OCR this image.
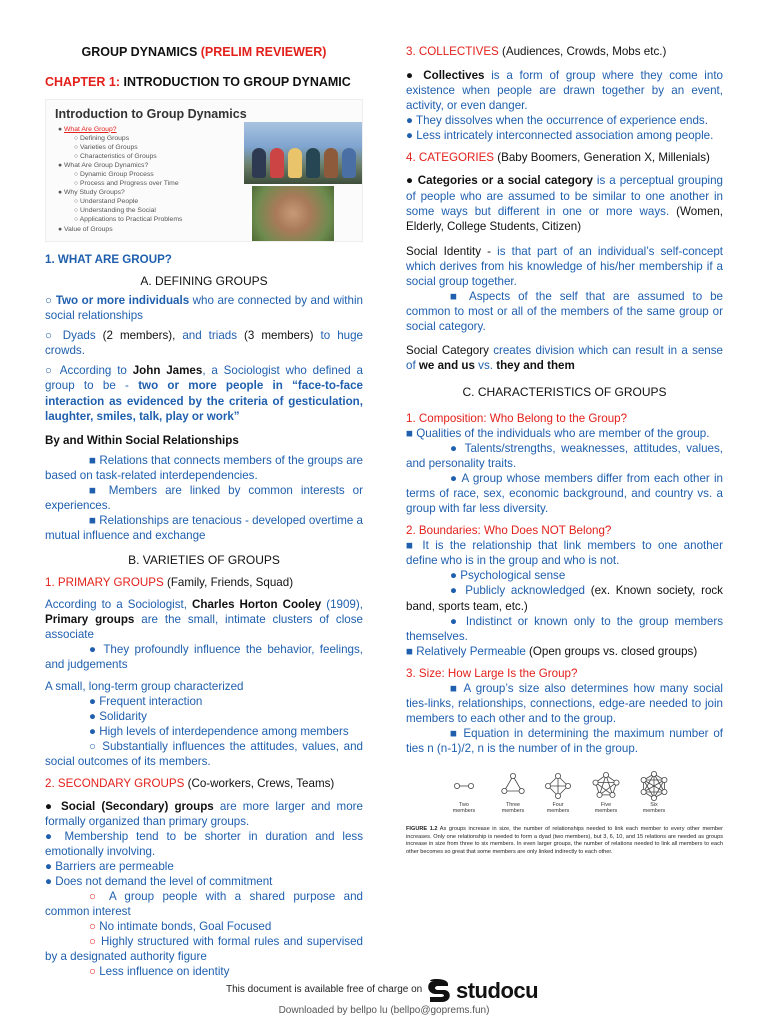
GROUP DYNAMICS (PRELIM REVIEWER)
CHAPTER 1: INTRODUCTION TO GROUP DYNAMIC
Introduction to Group Dynamics
● What Are Group?
○ Defining Groups
○ Varieties of Groups
○ Characteristics of Groups
● What Are Group Dynamics?
○ Dynamic Group Process
○ Process and Progress over Time
● Why Study Groups?
○ Understand People
○ Understanding the Social
○ Applications to Practical Problems
● Value of Groups
1. WHAT ARE GROUP?
A. DEFINING GROUPS
○ Two or more individuals who are connected by and within social relationships
○ Dyads (2 members), and triads (3 members) to huge crowds.
○ According to John James, a Sociologist who defined a group to be - two or more people in “face-to-face interaction as evidenced by the criteria of gesticulation, laughter, smiles, talk, play or work”
By and Within Social Relationships
■ Relations that connects members of the groups are based on task-related interdependencies.
■ Members are linked by common interests or experiences.
■ Relationships are tenacious - developed overtime a mutual influence and exchange
B. VARIETIES OF GROUPS
1. PRIMARY GROUPS (Family, Friends, Squad)
According to a Sociologist, Charles Horton Cooley (1909), Primary groups are the small, intimate clusters of close associate
● They profoundly influence the behavior, feelings, and judgements
A small, long-term group characterized
● Frequent interaction
● Solidarity
● High levels of interdependence among members
○ Substantially influences the attitudes, values, and social outcomes of its members.
2. SECONDARY GROUPS (Co-workers, Crews, Teams)
● Social (Secondary) groups are more larger and more formally organized than primary groups.
● Membership tend to be shorter in duration and less emotionally involving.
● Barriers are permeable
● Does not demand the level of commitment
○ A group people with a shared purpose and common interest
○ No intimate bonds, Goal Focused
○ Highly structured with formal rules and supervised by a designated authority figure
○ Less influence on identity
3. COLLECTIVES (Audiences, Crowds, Mobs etc.)
● Collectives is a form of group where they come into existence when people are drawn together by an event, activity, or even danger.
● They dissolves when the occurrence of experience ends.
● Less intricately interconnected association among people.
4. CATEGORIES (Baby Boomers, Generation X, Millenials)
● Categories or a social category is a perceptual grouping of people who are assumed to be similar to one another in some ways but different in one or more ways. (Women, Elderly, College Students, Citizen)
Social Identity - is that part of an individual’s self-concept which derives from his knowledge of his/her membership if a social group together.
■ Aspects of the self that are assumed to be common to most or all of the members of the same group or social category.
Social Category creates division which can result in a sense of we and us vs. they and them
C. CHARACTERISTICS OF GROUPS
1. Composition: Who Belong to the Group?
■ Qualities of the individuals who are member of the group.
● Talents/strengths, weaknesses, attitudes, values, and personality traits.
● A group whose members differ from each other in terms of race, sex, economic background, and country vs. a group with far less diversity.
2. Boundaries: Who Does NOT Belong?
■ It is the relationship that link members to one another define who is in the group and who is not.
● Psychological sense
● Publicly acknowledged (ex. Known society, rock band, sports team, etc.)
● Indistinct or known only to the group members themselves.
■ Relatively Permeable (Open groups vs. closed groups)
3. Size: How Large Is the Group?
■ A group’s size also determines how many social ties-links, relationships, connections, edge-are needed to join members to each other and to the group.
■ Equation in determining the maximum number of ties n (n-1)/2, n is the number of in the group.
Two
members
Three
members
Four
members
Five
members
Six
members
FIGURE 1.2 As groups increase in size, the number of relationships needed to link each member to every other member increases. Only one relationship is needed to form a dyad (two members), but 3, 6, 10, and 15 relations are needed as groups increase in size from three to six members. In even larger groups, the number of relations needed to link all members to each other becomes so great that some members are only linked indirectly to each other.
This document is available free of charge on studocu
Downloaded by bellpo lu (bellpo@goprems.fun)
